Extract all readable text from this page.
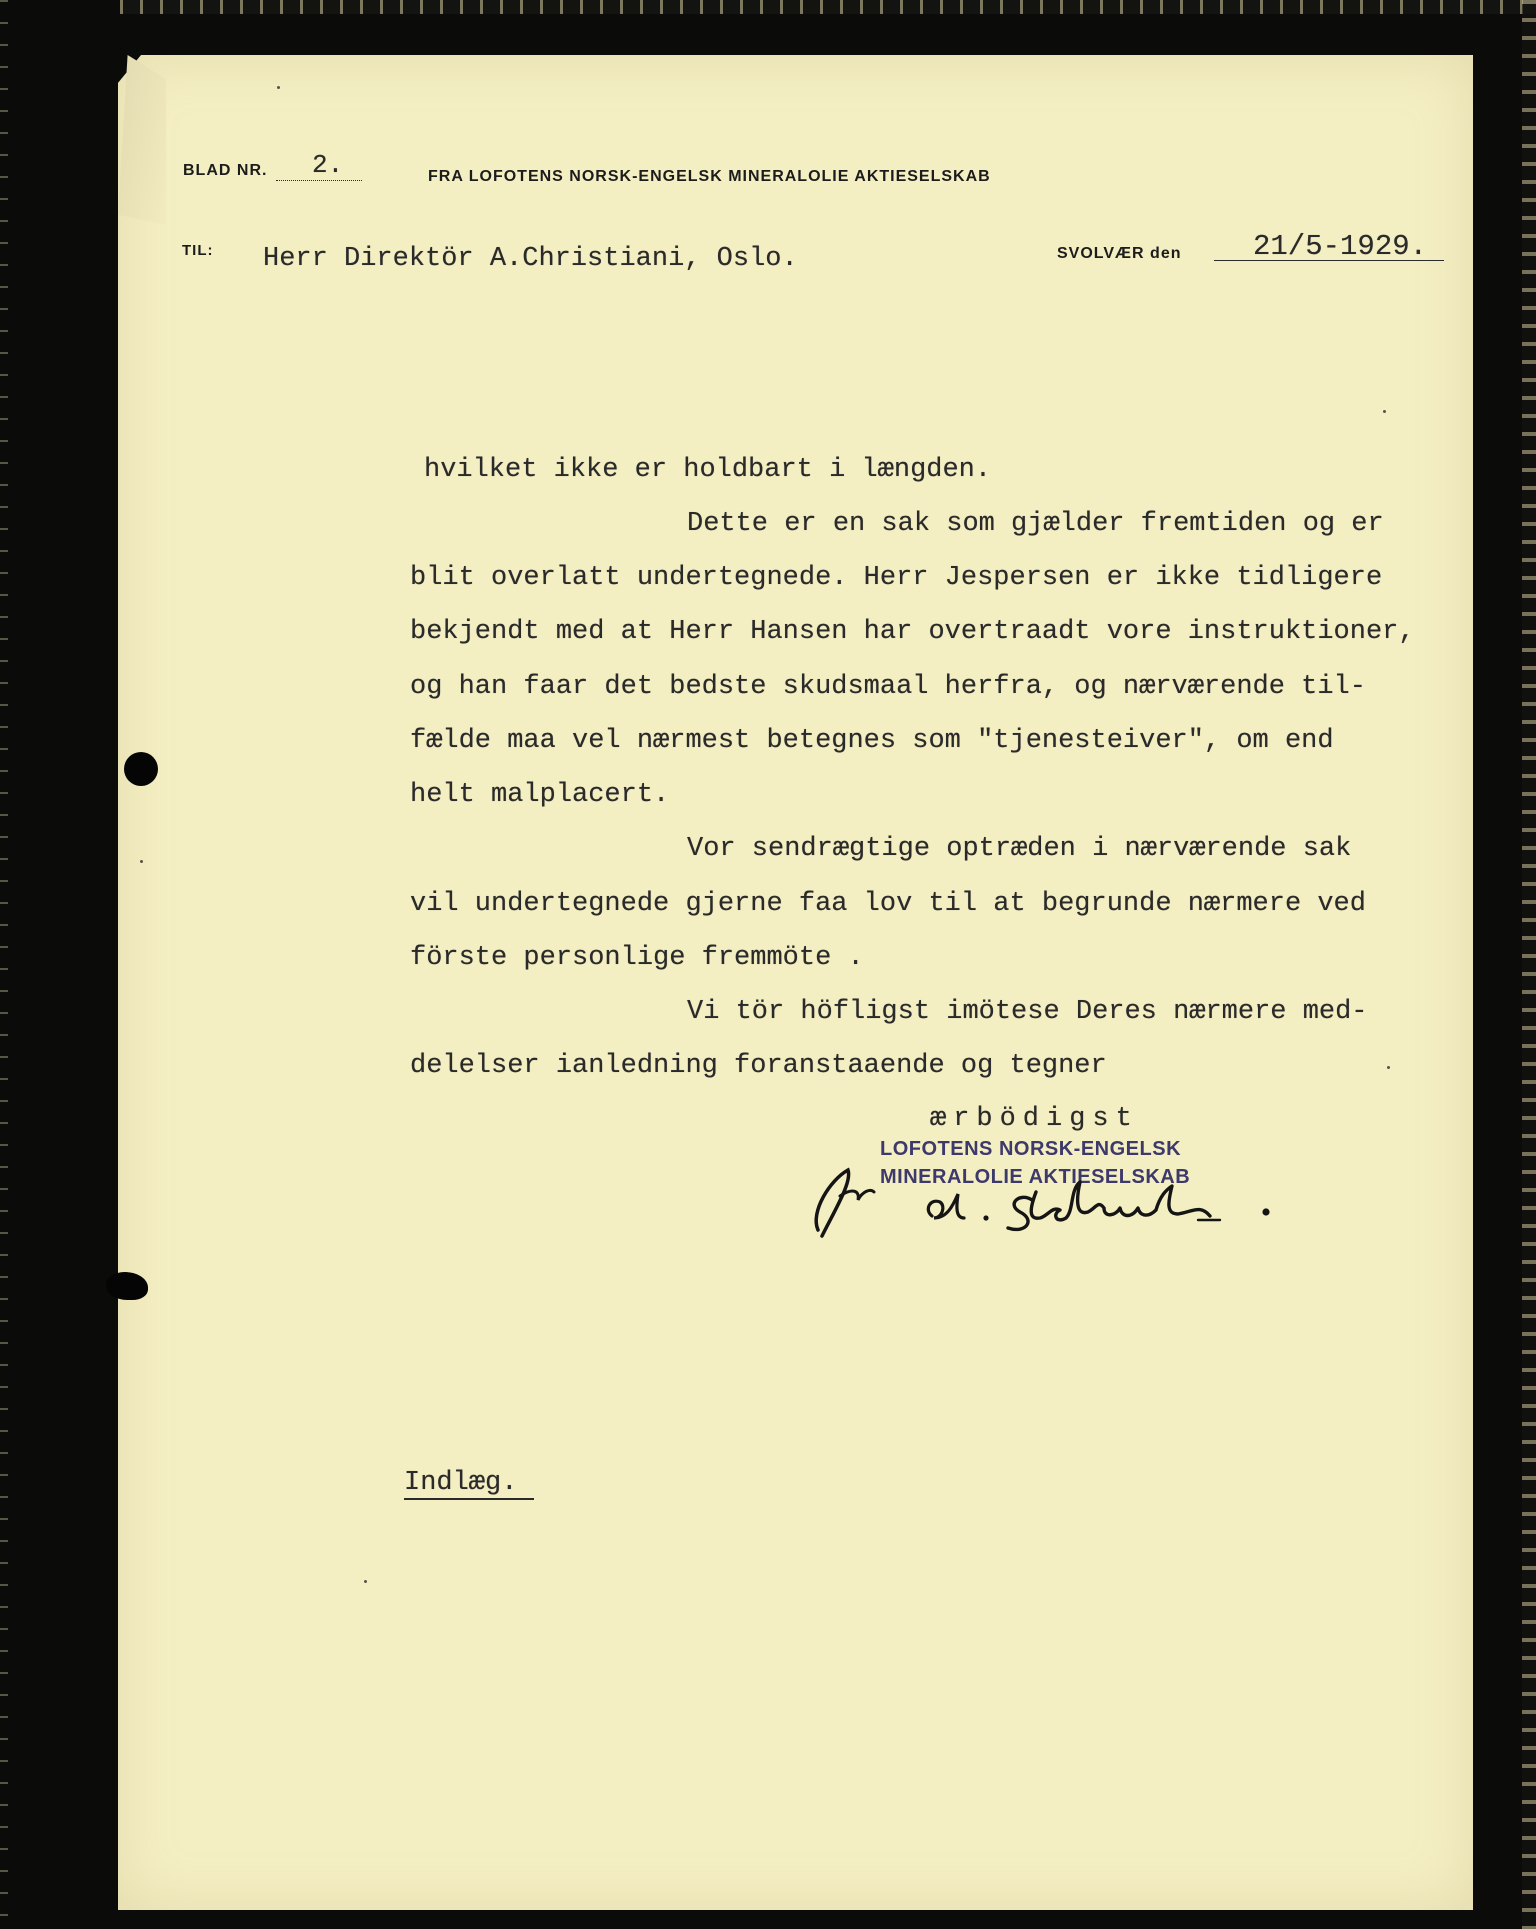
BLAD NR. 2.	FRA LOFOTENS NORSK-ENGELSK MINERALOLIE AKTIESELSKAB
TIL: Herr Direktör A.Christiani, Oslo.	SVOLVÆR den 21/5-1929.
hvilket ikke er holdbart i længden.
Dette er en sak som gjælder fremtiden og er
blit overlatt undertegnede. Herr Jespersen er ikke tidligere
bekjendt med at Herr Hansen har overtraadt vore instruktioner,
og han faar det bedste skudsmaal herfra, og nærværende til-
fælde maa vel nærmest betegnes som "tjenesteiver", om end
helt malplacert.
Vor sendrægtige optræden i nærværende sak
vil undertegnede gjerne faa lov til at begrunde nærmere ved
förste personlige fremmöte .
Vi tör höfligst imötese Deres nærmere med-
delelser ianledning foranstaaende og tegner
ærbödigst
LOFOTENS NORSK-ENGELSK
MINERALOLIE AKTIESELSKAB
Indlæg.
